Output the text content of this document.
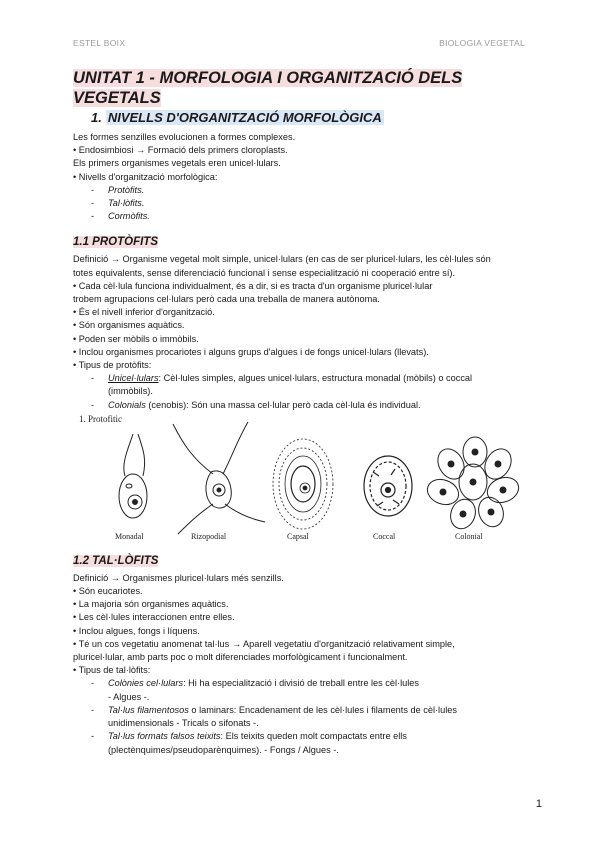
ESTEL BOIX	BIOLOGIA VEGETAL
UNITAT 1 - MORFOLOGIA I ORGANITZACIÓ DELS VEGETALS
1. NIVELLS D'ORGANITZACIÓ MORFOLÒGICA
Les formes senzilles evolucionen a formes complexes.
• Endosimbiosi → Formació dels primers cloroplasts.
Els primers organismes vegetals eren unicel·lulars.
• Nivells d'organització morfològica:
- Protòfits.
- Tal·lòfits.
- Cormòfits.
1.1 PROTÒFITS
Definició → Organisme vegetal molt simple, unicel·lulars (en cas de ser pluricel·lulars, les cèl·lules són
totes equivalents, sense diferenciació funcional i sense especialització ni cooperació entre sí).
• Cada cèl·lula funciona individualment, és a dir, si es tracta d'un organisme pluricel·lular
trobem agrupacions cel·lulars però cada una treballa de manera autònoma.
• És el nivell inferior d'organització.
• Són organismes aquàtics.
• Poden ser mòbils o immòbils.
• Inclou organismes procariotes i alguns grups d'algues i de fongs unicel·lulars (llevats).
• Tipus de protòfits:
- Unicel·lulars: Cèl·lules simples, algues unicel·lulars, estructura monadal (mòbils) o coccal
(immòbils).
- Colonials (cenobis): Són una massa cel·lular però cada cèl·lula és individual.
1. Protofitic
Monadal	Rizopodial	Capsal	Coccal	Colonial
1.2 TAL·LÒFITS
Definició → Organismes pluricel·lulars més senzills.
• Són eucariotes.
• La majoria són organismes aquàtics.
• Les cèl·lules interaccionen entre elles.
• Inclou algues, fongs i líquens.
• Té un cos vegetatiu anomenat tal·lus → Aparell vegetatiu d'organització relativament simple,
pluricel·lular, amb parts poc o molt diferenciades morfològicament i funcionalment.
• Tipus de tal·lòfits:
- Colònies cel·lulars: Hi ha especialització i divisió de treball entre les cèl·lules
- Algues -.
- Tal·lus filamentosos o laminars: Encadenament de les cèl·lules i filaments de cèl·lules
unidimensionals - Tricals o sifonats -.
- Tal·lus formats falsos teixits: Els teixits queden molt compactats entre ells
(plectènquimes/pseudoparènquimes). - Fongs / Algues -.
1
